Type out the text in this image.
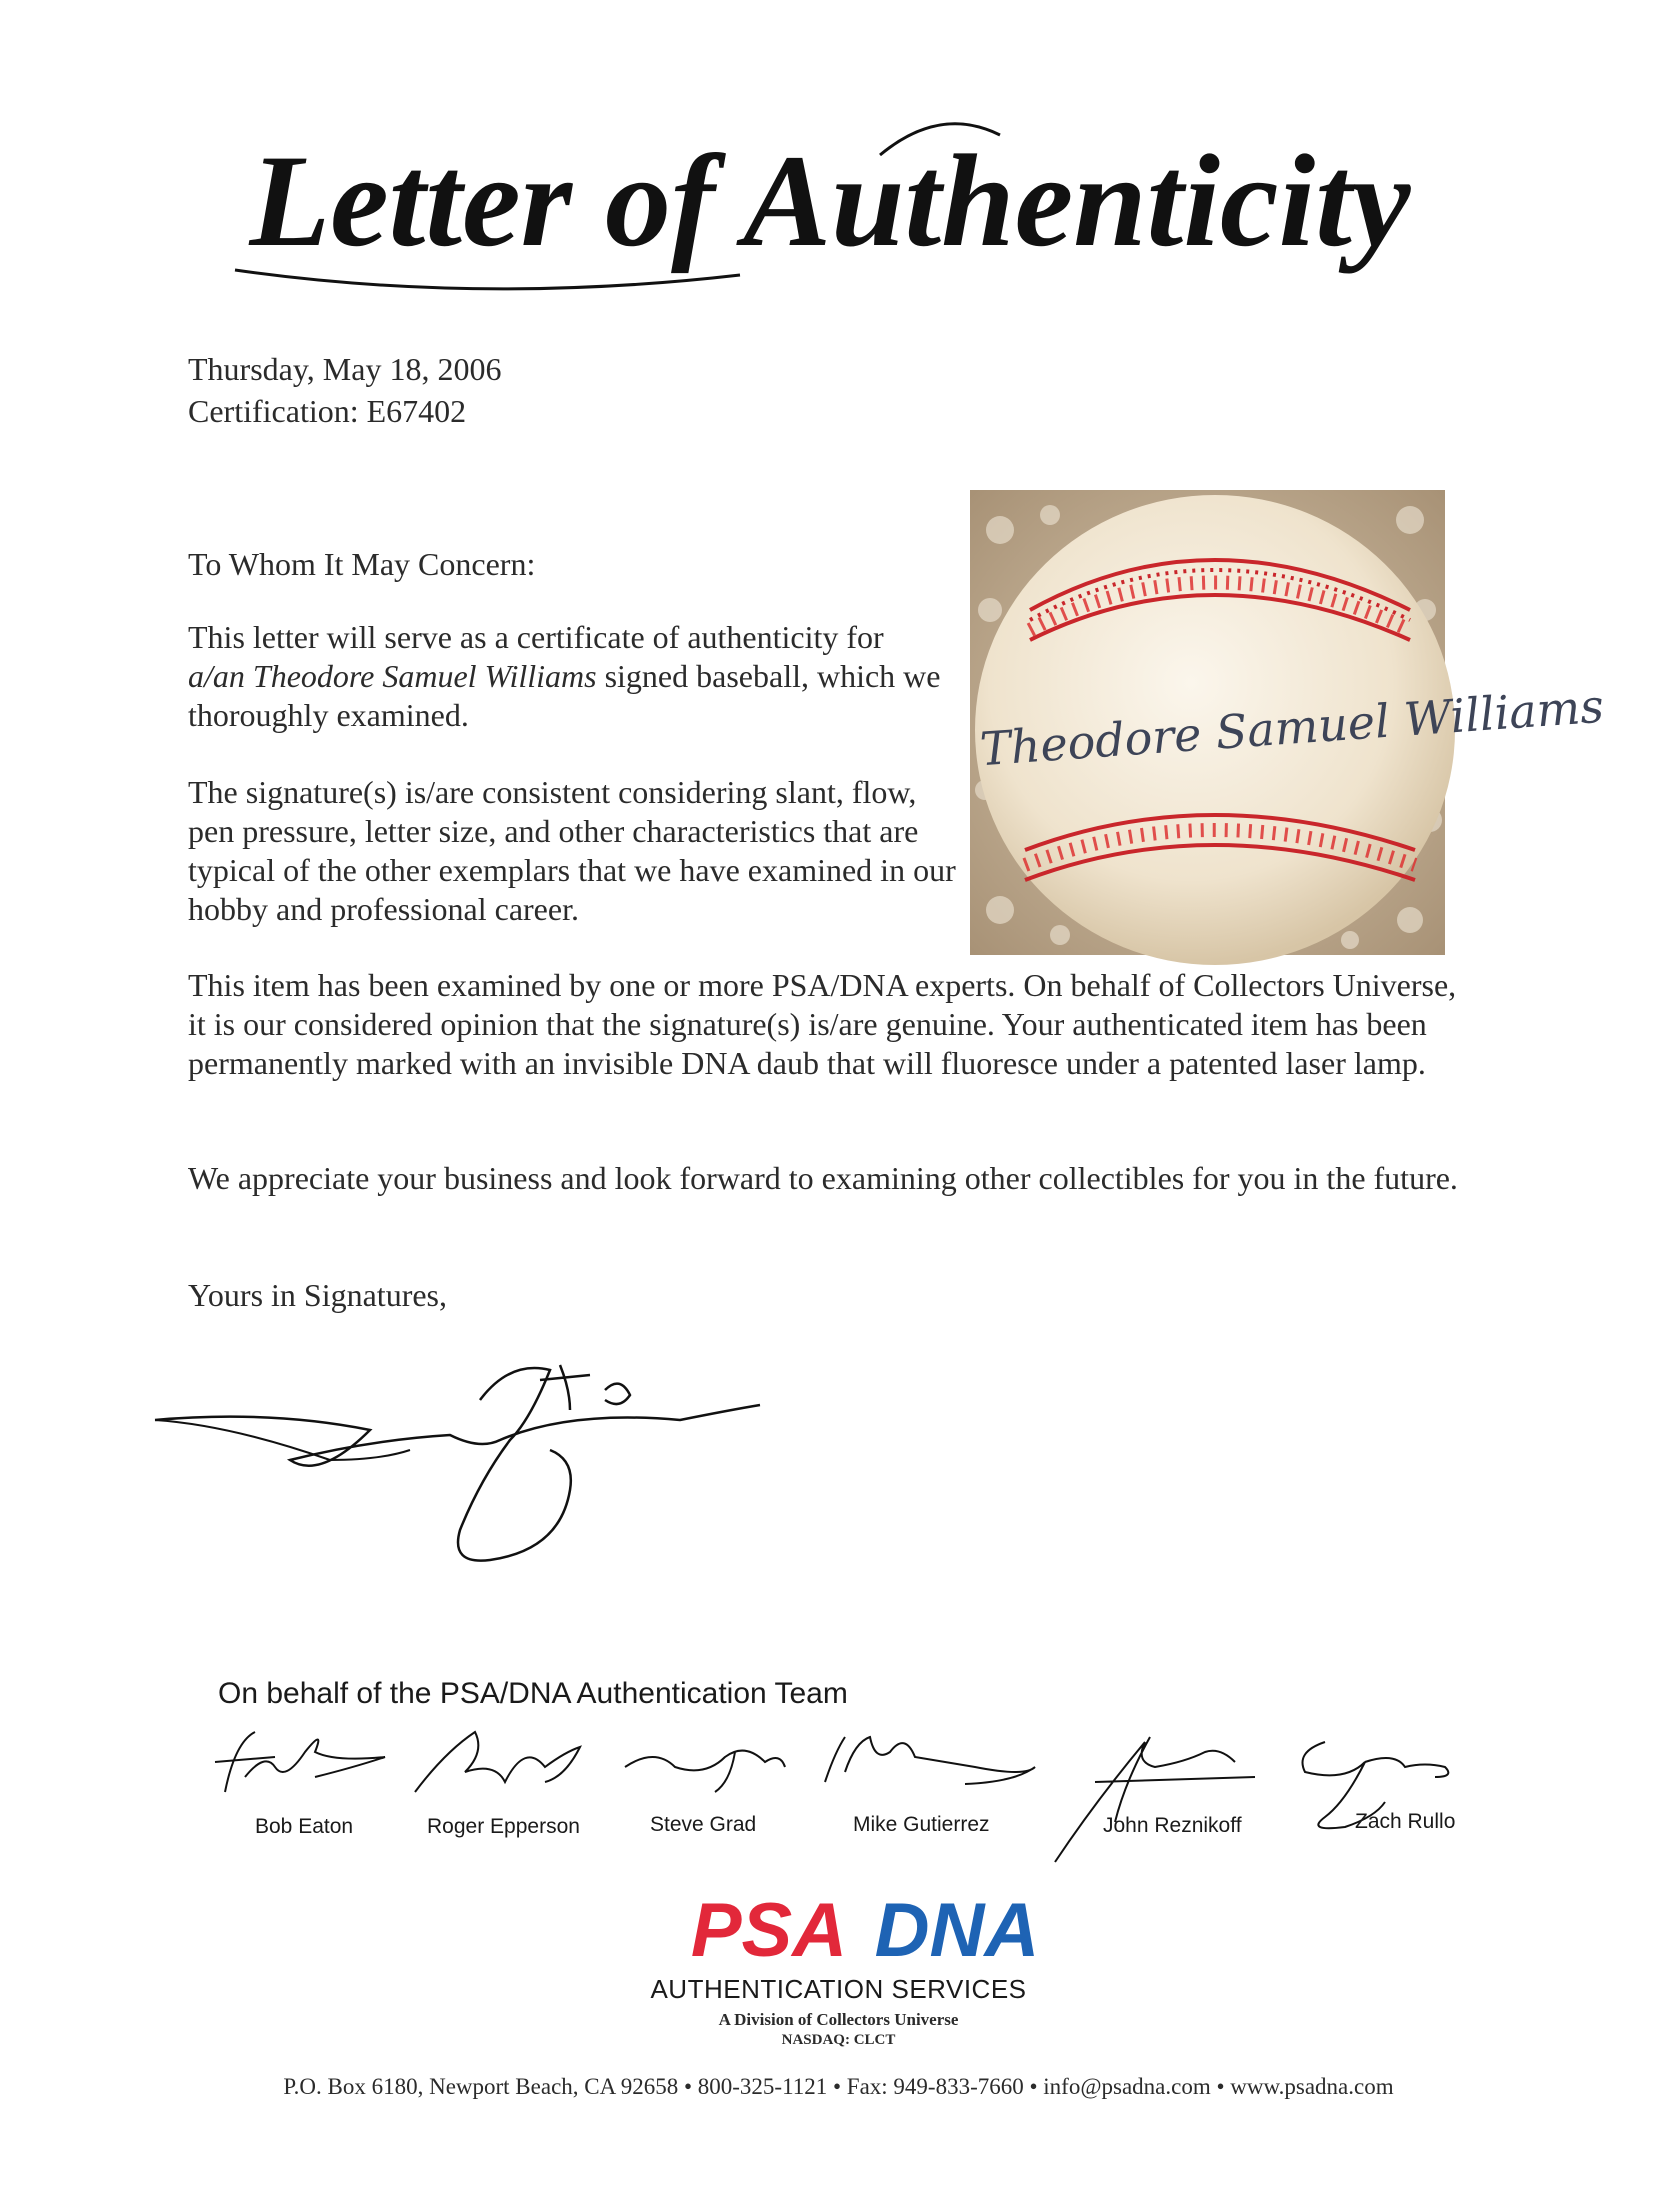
Letter of Authenticity
Thursday, May 18, 2006
Certification: E67402
To Whom It May Concern:
This letter will serve as a certificate of authenticity for a/an Theodore Samuel Williams signed baseball, which we thoroughly examined.
The signature(s) is/are consistent considering slant, flow, pen pressure, letter size, and other characteristics that are typical of the other exemplars that we have examined in our hobby and professional career.
This item has been examined by one or more PSA/DNA experts. On behalf of Collectors Universe, it is our considered opinion that the signature(s) is/are genuine. Your authenticated item has been permanently marked with an invisible DNA daub that will fluoresce under a patented laser lamp.
We appreciate your business and look forward to examining other collectibles for you in the future.
Yours in Signatures,
Theodore Samuel Williams
On behalf of the PSA/DNA Authentication Team
Bob Eaton	Roger Epperson	Steve Grad	Mike Gutierrez	John Reznikoff	Zach Rullo
PSA DNA
AUTHENTICATION SERVICES
A Division of Collectors Universe
NASDAQ: CLCT
P.O. Box 6180, Newport Beach, CA 92658 • 800-325-1121 • Fax: 949-833-7660 • info@psadna.com • www.psadna.com
